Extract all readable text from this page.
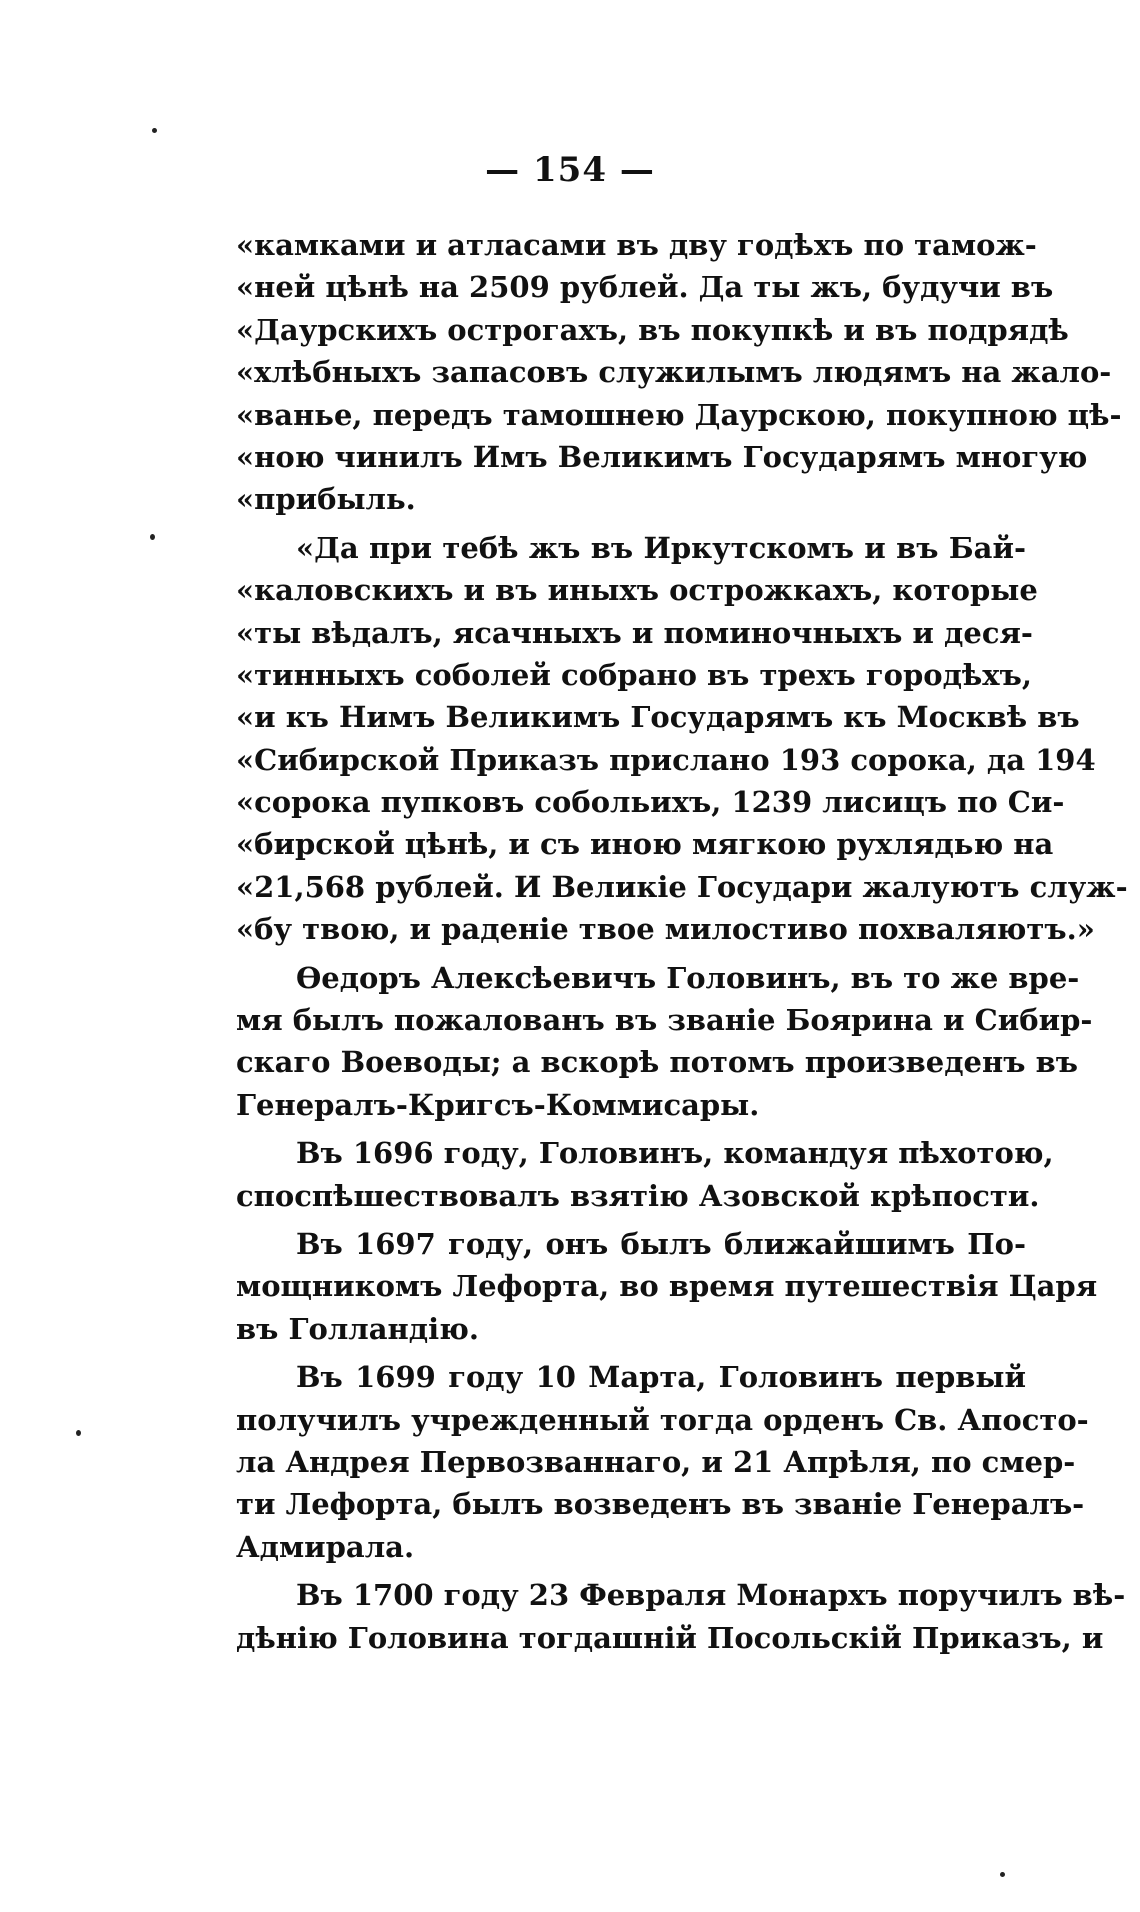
— 154 —
«камками и атласами въ дву годѣхъ по тамож-
«ней цѣнѣ на 2509 рублей. Да ты жъ, будучи въ
«Даурскихъ острогахъ, въ покупкѣ и въ подрядѣ
«хлѣбныхъ запасовъ служилымъ людямъ на жало-
«ванье, передъ тамошнею Даурскою, покупною цѣ-
«ною чинилъ Имъ Великимъ Государямъ многую
«прибыль.
«Да при тебѣ жъ въ Иркутскомъ и въ Бай-
«каловскихъ и въ иныхъ острожкахъ, которые
«ты вѣдалъ, ясачныхъ и поминочныхъ и деся-
«тинныхъ соболей собрано въ трехъ городѣхъ,
«и къ Нимъ Великимъ Государямъ къ Москвѣ въ
«Сибирской Приказъ прислано 193 сорока, да 194
«сорока пупковъ собольихъ, 1239 лисицъ по Си-
«бирской цѣнѣ, и съ иною мягкою рухлядью на
«21,568 рублей. И Великіе Государи жалуютъ служ-
«бу твою, и раденіе твое милостиво похваляютъ.»
Ѳедоръ Алексѣевичъ Головинъ, въ то же вре-
мя былъ пожалованъ въ званіе Боярина и Сибир-
скаго Воеводы; а вскорѣ потомъ произведенъ въ
Генералъ-Кригсъ-Коммисары.
Въ 1696 году, Головинъ, командуя пѣхотою,
споспѣшествовалъ взятію Азовской крѣпости.
Въ 1697 году, онъ былъ ближайшимъ По-
мощникомъ Лефорта, во время путешествія Царя
въ Голландію.
Въ 1699 году 10 Марта, Головинъ первый
получилъ учрежденный тогда орденъ Св. Апосто-
ла Андрея Первозваннаго, и 21 Апрѣля, по смер-
ти Лефорта, былъ возведенъ въ званіе Генералъ-
Адмирала.
Въ 1700 году 23 Февраля Монархъ поручилъ вѣ-
дѣнію Головина тогдашній Посольскій Приказъ, и
